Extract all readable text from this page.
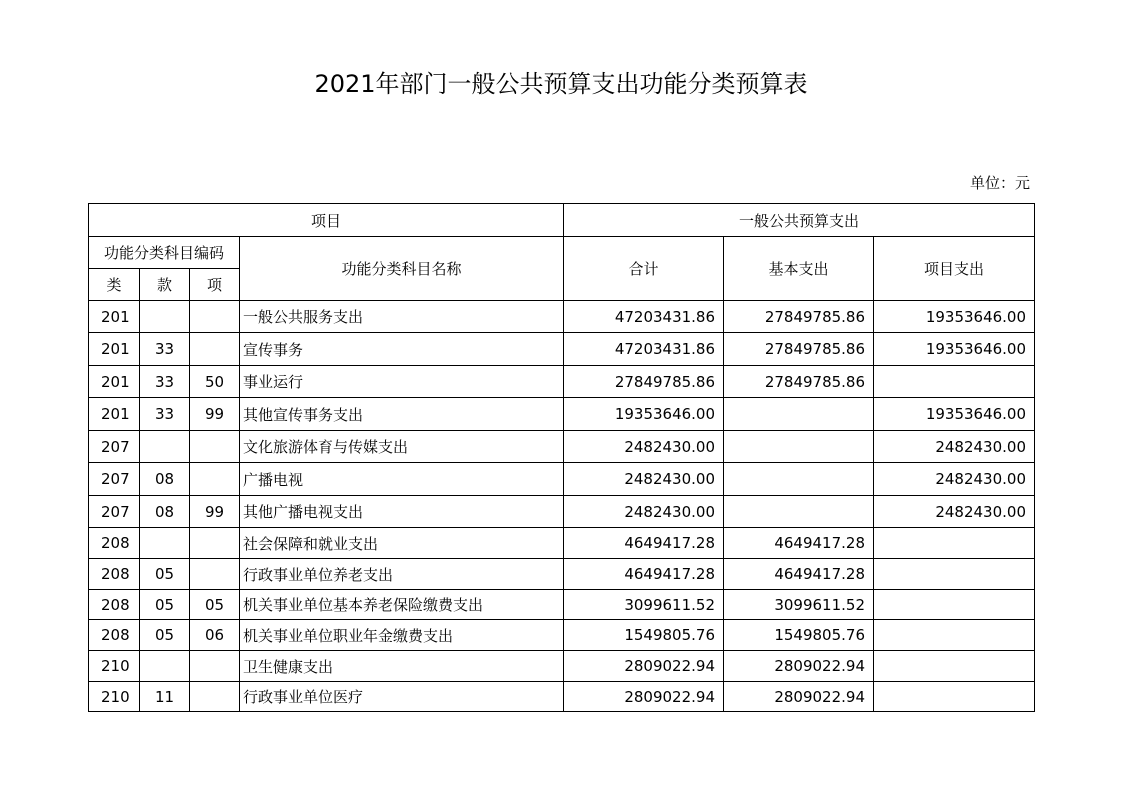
2021年部门一般公共预算支出功能分类预算表
单位：元
项目				一般公共预算支出		
功能分类科目编码			功能分类科目名称	合计	基本支出	项目支出
类	款	项				
201			一般公共服务支出	47203431.86	27849785.86	19353646.00
201	33		宣传事务	47203431.86	27849785.86	19353646.00
201	33	50	事业运行	27849785.86	27849785.86	
201	33	99	其他宣传事务支出	19353646.00		19353646.00
207			文化旅游体育与传媒支出	2482430.00		2482430.00
207	08		广播电视	2482430.00		2482430.00
207	08	99	其他广播电视支出	2482430.00		2482430.00
208			社会保障和就业支出	4649417.28	4649417.28	
208	05		行政事业单位养老支出	4649417.28	4649417.28	
208	05	05	机关事业单位基本养老保险缴费支出	3099611.52	3099611.52	
208	05	06	机关事业单位职业年金缴费支出	1549805.76	1549805.76	
210			卫生健康支出	2809022.94	2809022.94	
210	11		行政事业单位医疗	2809022.94	2809022.94	
